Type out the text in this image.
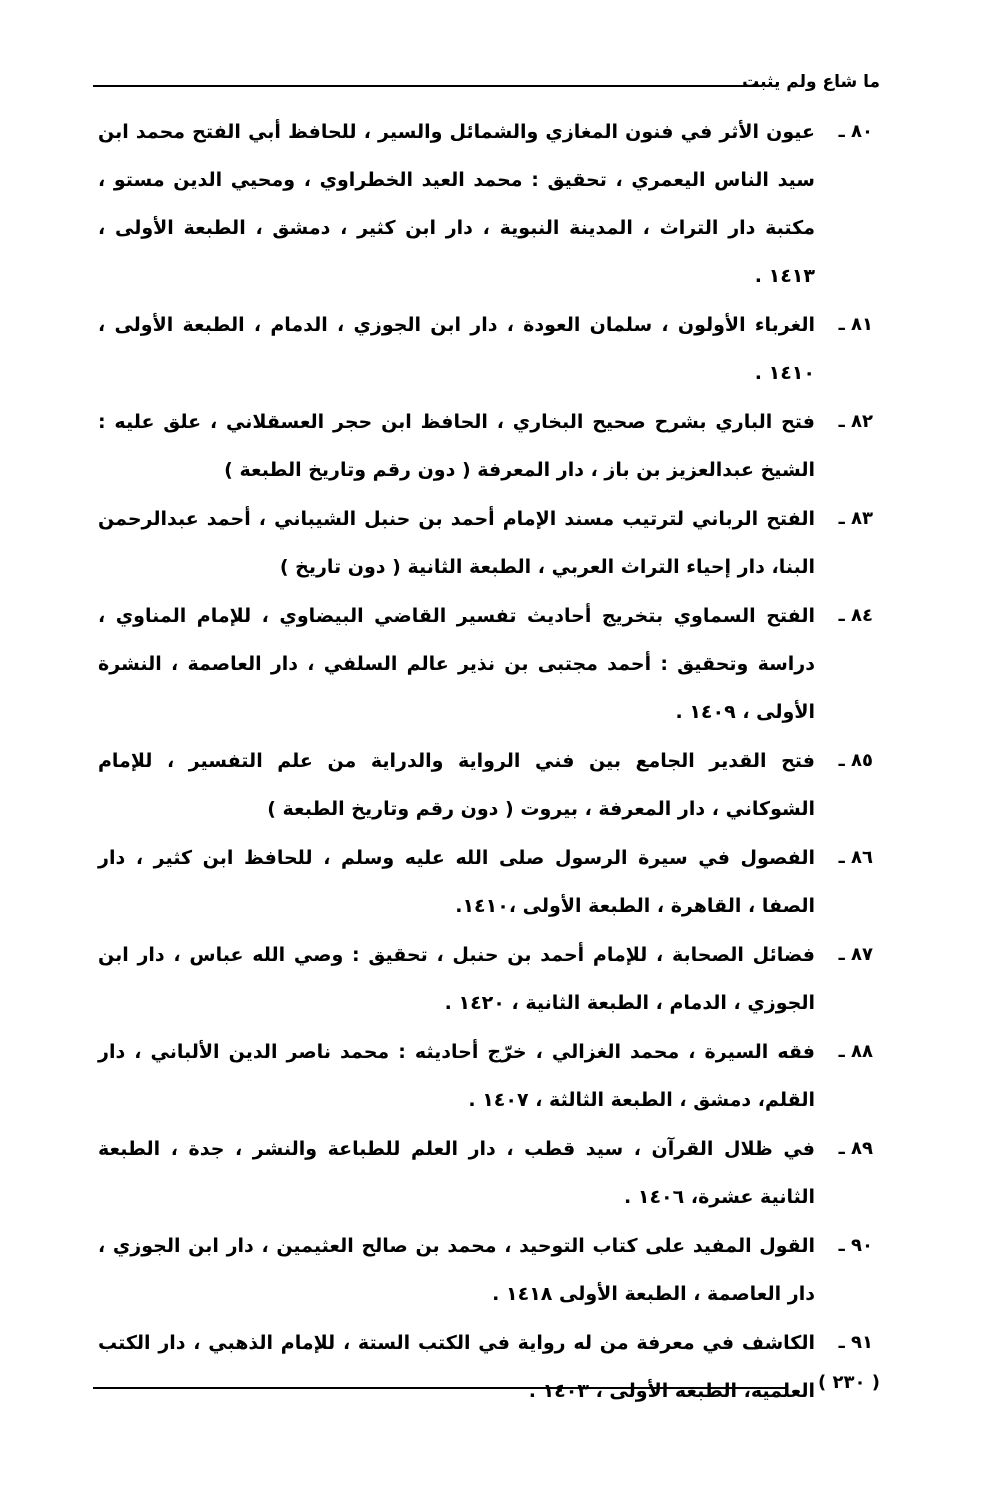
ما شاع ولم يثبت
٨٠ ـ
عيون الأثر في فنون المغازي والشمائل والسير ، للحافظ أبي الفتح محمد ابن سيد الناس اليعمري ، تحقيق : محمد العيد الخطراوي ، ومحيي الدين مستو ، مكتبة دار التراث ، المدينة النبوية ، دار ابن كثير ، دمشق ، الطبعة الأولى ، ١٤١٣ .
٨١ ـ
الغرباء الأولون ، سلمان العودة ، دار ابن الجوزي ، الدمام ، الطبعة الأولى ، ١٤١٠ .
٨٢ ـ
فتح الباري بشرح صحيح البخاري ، الحافظ ابن حجر العسقلاني ، علق عليه : الشيخ عبدالعزيز بن باز ، دار المعرفة ( دون رقم وتاريخ الطبعة )
٨٣ ـ
الفتح الرباني لترتيب مسند الإمام أحمد بن حنبل الشيباني ، أحمد عبدالرحمن البنا، دار إحياء التراث العربي ، الطبعة الثانية ( دون تاريخ )
٨٤ ـ
الفتح السماوي بتخريج أحاديث تفسير القاضي البيضاوي ، للإمام المناوي ، دراسة وتحقيق : أحمد مجتبى بن نذير عالم السلفي ، دار العاصمة ، النشرة الأولى ، ١٤٠٩ .
٨٥ ـ
فتح القدير الجامع بين فني الرواية والدراية من علم التفسير ، للإمام الشوكاني ، دار المعرفة ، بيروت ( دون رقم وتاريخ الطبعة )
٨٦ ـ
الفصول في سيرة الرسول صلى الله عليه وسلم ، للحافظ ابن كثير ، دار الصفا ، القاهرة ، الطبعة الأولى ،١٤١٠.
٨٧ ـ
فضائل الصحابة ، للإمام أحمد بن حنبل ، تحقيق : وصي الله عباس ، دار ابن الجوزي ، الدمام ، الطبعة الثانية ، ١٤٢٠ .
٨٨ ـ
فقه السيرة ، محمد الغزالي ، خرّج أحاديثه : محمد ناصر الدين الألباني ، دار القلم، دمشق ، الطبعة الثالثة ، ١٤٠٧ .
٨٩ ـ
في ظلال القرآن ، سيد قطب ، دار العلم للطباعة والنشر ، جدة ، الطبعة الثانية عشرة، ١٤٠٦ .
٩٠ ـ
القول المفيد على كتاب التوحيد ، محمد بن صالح العثيمين ، دار ابن الجوزي ، دار العاصمة ، الطبعة الأولى ١٤١٨ .
٩١ ـ
الكاشف في معرفة من له رواية في الكتب الستة ، للإمام الذهبي ، دار الكتب العلمية، الطبعة الأولى ، ١٤٠٣ . ( ٢٣٠ )
